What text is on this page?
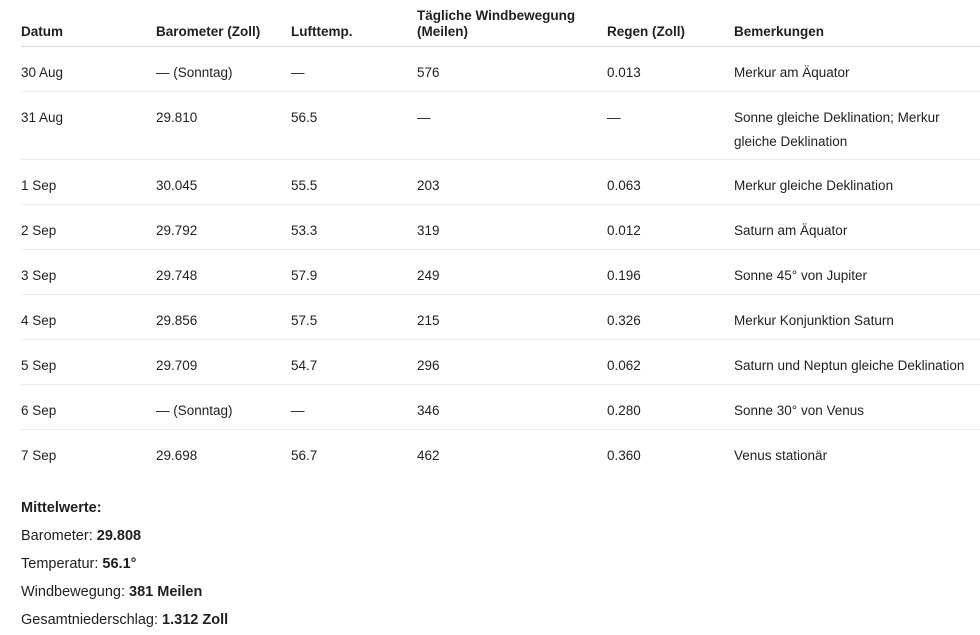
Datum	Barometer (Zoll)	Lufttemp.	Tägliche Windbewegung (Meilen)	Regen (Zoll)	Bemerkungen
30 Aug	— (Sonntag)	—	576	0.013	Merkur am Äquator
31 Aug	29.810	56.5	—	—	Sonne gleiche Deklination; Merkur gleiche Deklination
1 Sep	30.045	55.5	203	0.063	Merkur gleiche Deklination
2 Sep	29.792	53.3	319	0.012	Saturn am Äquator
3 Sep	29.748	57.9	249	0.196	Sonne 45° von Jupiter
4 Sep	29.856	57.5	215	0.326	Merkur Konjunktion Saturn
5 Sep	29.709	54.7	296	0.062	Saturn und Neptun gleiche Deklination
6 Sep	— (Sonntag)	—	346	0.280	Sonne 30° von Venus
7 Sep	29.698	56.7	462	0.360	Venus stationär
Mittelwerte:
Barometer: 29.808
Temperatur: 56.1°
Windbewegung: 381 Meilen
Gesamtniederschlag: 1.312 Zoll
